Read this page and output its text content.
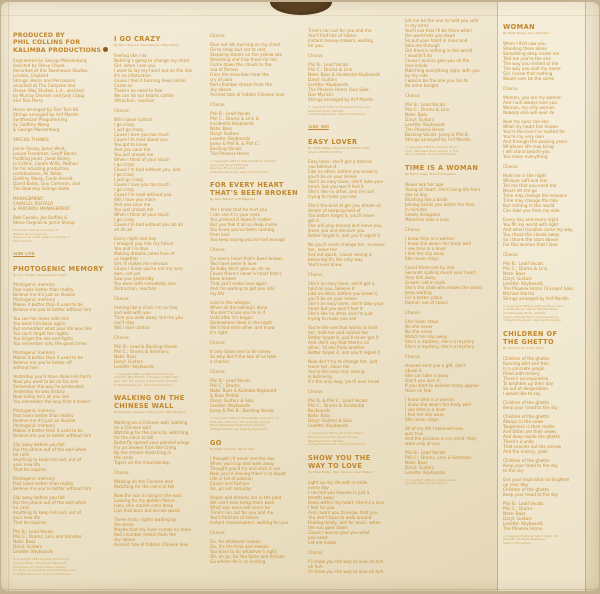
PRODUCED BY
PHIL COLLINS FOR
KALIMBA PRODUCTIONS
Engineered by George Massenburg
Assisted by Steve Chase
Recorded at the Townhouse Studios,
London, England
Strings, Horns and Percussion
recorded at The Complex and
Ocean Way Studios, L.A., assisted
by Murray Dvorkin and Judy Clapp
and Tom Perry
Horns arranged by Tom Tom 84
Strings arranged by Arif Mardin
Synthesizer Programming
by Godfrey Wang
& George Massenburg
SPECIAL THANKS
Jamie Shoop, Jonas West,
Louise Freedman, Geoff Banks,
Pudding Jones, Janet Bailey,
Jo Collins, Carole Willis, Nathan
for his amazing production
contributions, Ali Tellier,
Godfrey Wang, Carlin Arnold,
David Bates, Guy Cameron, and
The Boarsley Grange Hotel
MANAGEMENT:
CAVALLO, RUFFALO
& FARGNOLI MANAGEMENT
Bob Cavallo, Joe Ruffalo &
Steve Fargnoli & Jamie Shoop
Phil Collins appears courtesy of
Atlantic Recording Corp.
Raymond de Costa appears courtesy of
Parlo Records
Side One
PHOTOGENIC MEMORY
By Don Wright, Dave Sapiston Clark
Photogenic memory
Past looks better than reality
Believe me it's just an illusion
Photogenic memory
Makes it better than it used to be
Believe me you're better without him
You see her leave with him
You want him back again
But remember what your life was like
You can't forget the nights
You forget the lies and fights
You remember only the good times
Photogenic memory
Makes it better than it used to be
Believe me you're better off
without him
Yesterday you'd have done him harm
Now you want to be on his arm
Remember the way he pretended
Yesterday he was history
Now today he's all you see
You remember the way that it ended
Photogenic memory
Past looks better than reality
Believe me it's just an illusion
Photogenic memory
Makes it better than it used to be
Believe me you're better without him
Slip away before you fall
Rip the phone out of the wall when
he calls
Anything to keep him out, out of
your new life
That he inspires
Photogenic memory
Past looks better than reality
Believe me you're better without him
Slip away before you fall
Rip the phone out of the wall when
he calls
Anything to keep him out, out of
your new life
That he inspires
Phil B.: Lead Vocals
Phil C.: Drums, Linn and Vocoder
Nate: Bass
Daryl: Guitars
Lesette: Keyboards
© Copyright 1984 by Kmel Music Corp.,
Crimsco Music, The Great Theatre Of
Oklahoma, and Lina's Music (ASCAP).
All rights administered by Kmel Music Corp.
All Rights Reserved. Used by Permission.
I GO CRAZY
By Marc Sharron, Glen Ballard, Philip Bailey
Feeling like I do
Nothing's going to change my mind
Girl, when I see you
I want to lay my heart out on the line
It's no infatuation
Cause I feel it burning deep inside
Come on
There's no need to fear
We can let our hearts collide
Attraction, reaction
Chorus
Will I loose control
I go crazy
I just go crazy
Cause I love you too much
Cause I'm mad about you
You got to know
And you save me
You just amaze me
When I think of your touch
I go crazy
Cause I'm bad without you, ooh
I go crazy
I just go crazy
Cause I love you too much
I go crazy
Cause I'm mad without you
Will I love you more
And you save me
You just amaze me
When I think of your touch
I go crazy
Cause I'm bad without you ah ah
ah ah ah
Every night and day
I imagine you into my future
You and I in love
Making dreams come true of
us together
Girl, it makes me nervous
Cause I know you're not my very
own, not yet
Saw you yesterday
You were with somebody else
Distraction, reaction
Chorus
Feeling like a child, I'm so free
and wild with you
Then you walk away, tell me you
can't stay
Will I lose control
Chorus
Phil B.: Lead & Backing Vocals
Phil C.: Drums & Simmons
Nate: Bass
Daryl: Guitars
Lesette: Keyboards
© Copyright 1984 by Warlock Music Corp.
(ASCAP), MCA MUSIC, A Division of MCA INC.,
New York, NY, and Sir & Trini Music (ASCAP).
All Rights Reserved. Used by Permission.
WALKING ON THE
CHINESE WALL
By Roxanne Seeman, Marcy Levy, Billie Hughes
Walking on a Chinese wall, walking
on a Chinese wall
Watching for the coins to, watching
for the coins to fall
Butterfly spread your painted wings
For an answer from the Ching
By the stream stretching in
the rocks
Tigers on the mountaintop
Chorus
Walking on the Chinese wall
Watching for the coins to fall
Now the sun is rising in the east
Looking for my golden fleece
Ivory skin scarlet color deep
Lips that burn but do not speak
Three misty nights waiting by
the shore
Maybe that my lover comes no more
Red chamber dream from the
sky above
Ancient tale of hidden Chinese love
Chorus
Blue red silk burning on my chest
Go to sleep but not to rest
Stepping stones on the yellow sea
Dreaming she'll be there for me
Come down the clouds to the
sea of flames
From the mountain hear the
cry of pain
Red chamber dream from the
sky above
Ancient tale of hidden Chinese love
Chorus
Phil B.: Lead Vocals
Phil C.: Drums & Linn &
Incidental Keyboards
Nate: Bass
Daryl: Guitars
Lesette: Keyboards
Josey & Phil B. & Phil C.:
Backing Vocals
The Phoenix Horns
© Copyright 1984 by Noa Noa Music (ASCAP),
Glass Sea Music (BMI) and
Bleu Sea Music (ASCAP).
All Rights Reserved. Used by Permission.
FOR EVERY HEART
THAT'S BEEN BROKEN
By Glen Ballard, Cliff Magness
Yes I know that he hurt you
I can see it in your eyes
You pretend it doesn't matter
But you feel it all so deep inside
You know you've been running
from love
You keep saying you've had enough
Chorus
For every heart that's been broken
Two have been in love
So baby don't give up, oh no
Cause there's never a heart that's
been broken
That can't make love again
And I'm waiting to get you into
my life
Love is the whisper
When all the talking's done
You don't know you're in it
Until after it's begun
Somewhere deep in the night
We'll find each other and know
it's right
Chorus
It only takes one to be lonely
So why don't the two of us take
a chance
Chorus
Phil B.: Lead Vocals
Phil C.: Drums
Nate: Bass & Kalimba Keyboard
& Bass Pedals
Daryl: Guitars & Solo
Lesette: Keyboards
Josey & Phil B.: Backing Vocals
© Copyright 1984 by MCA MUSIC, A Division of
MCA INC., New York, NY and Quincy Jones
Music/Yellowbrick Road Music (ASCAP).
All Rights Reserved. Used by Permission.
GO
By Ralph Johnson, Wycal Carr
I thought I'd never see the day
When you'd up and walk away
Thought you'd try and stick it out
Now you're leaving there's no doubt
Life is full of passion
Caviar and fashion
Go, go out and play
Hopes and dreams are in the past
We can't ever bring them back
What was once will never be
Time's run out for you and me
You'll find lots of takers
Instant moviemakers, waiting for you
Chorus
Go, for whatever reason
Go, it's the time and season
You have to do whatever's right
Oh, oh go, for the fame and fortune
Go where life is so inviting
Time's run out for you and me
You'll find lots of takers
Instant money-makers, waiting
for you
Chorus
Phil B.: Lead Vocals
Phil C.: Drums & Linn
Nate: Bass & Incidental Keyboards
Daryl: Guitars
Lesette: Keyboards
The Phoenix Horns (Sax Solo:
Don Myrick)
Strings arranged by Arif Mardin
© Copyright 1984 by Foreworks Music and
New East Music (ASCAP).
All Rights Reserved. Used by Permission.
Side Two
EASY LOVER
By Philip Bailey, Phil Collins, Nathan East
(Duet with Phil Collins)
Easy lover, she'll get a hold on
you believe it
Like no other, before you know it,
you'll be on your knees
She's an easy lover, she'll take your
heart, but you won't feel it
She's like no other, and I'm just
trying to make you see
She's the kind of girl you dream of,
dream of keeping hold of
You better forget it, you'll never
get it
She will play around and leave you,
leave you and deceive you
Better forget it, ooh you'll regret it
No you'll never change her, so leave
her, leave her
Get out quick, 'cause seeing is
believing it's the only way
You'll ever know
Chorus
She's an easy lover, she'll get a
hold on you, believe it
Like no other, before you know it,
you'll be on your knees
She's an easy lover, she'll take your
heart but you won't feel it
She's like no other and I'm just
trying to make you see
You're the one that wants to hold
her, hold her and control her
Better forget it, you'll never get it
And she'll say that there's no
other, 'til she finds another
Better forget it, ooh you'll regret it
Now don't try to change her, just
leave her, leave her
You're the only one, seeing
is believing
It's the only way, you'll ever know
Chorus
Phil B. & Phil C.: Lead Vocals
Phil C.: Drums & Incidental
Keyboards
Nate: Bass
Daryl: Guitars & Solo
Lesette: Keyboards
© Copyright 1984 by Sir & Trini Music,
Phil Collins Ltd./Pun Music Inc. and
New East Music (ASCAP).
All Rights Reserved. Used by Permission.
SHOW YOU THE
WAY TO LOVE
By Philip Bailey, Marc Sharron, Glen Ballard
Light up my life with a smile
every day
I can tell you heaven is just a
breath away
Deep within my heart, there's a love
I feel for you
And I want you to know, that you
You don't have to walk around
Feeling lonely, lost for lovin', when
the sun goes down
Cause I wanna give you what
you need
Let me inside
Chorus
I'll show you the way to love uh huh
uh huh
I'll show you the way to love uh huh
Let me be the one to hold you safe
in my arms
You'll see that I'll be there when
the world lets you down
So put your hand in mine and
take me through
Girl there's nothing in this world
I wouldn't do
Cause I wanna give you all the
love inside
Matching everything right, with you
by my side
I wanna be the one you run to
Be mine tonight
Chorus
Phil B.: Lead Vocals
Phil C.: Drums & Linn
Nate: Bass
Daryl: Guitars
Lesette: Keyboards
The Phoenix Horns
Backing Vocals: Josey & Phil B.
Strings arranged by Arif Mardin
© Copyright 1984 by Warlock Music
Corp., New East Music and Sir & Trini
Music (ASCAP). Used by Permission.
TIME IS A WOMAN
By Martin Page, Brian Fairweather
Never ask her age
Young at heart, she's living life from
day to day
Blushing like a bride
Joining hands you watch her face
in minutes
Slowly disappear
Moments take a year
Chorus
I know time is a woman
I know she wears her body well
I see time is a lover
I feel her slip away
She never stays
Count them one by one
Seconds spilling round your heart,
they tick away
Growin' old in style
She's the child who makes the world
keep waiting
For a better place
Runnin' out of space
Chorus
She never stays
No she never
No she never
Watch her slip away
She's a mystery, she's a mystery
She's a mystery, she's a mystery
Chorus
Heaven sent you a gift, don't
abuse it
She can take it away
Don't you lose it
If you start to believe many appear
Have no fear
I know time is a woman
I know she wears her body well
I see time is a lover
I feel her slip away
She never stays
All of my life I believed love
was true
And the pictures in my mind, they
were only of you
Phil B.: Lead Vocals
Phil C.: Drums, Linn & Simmons
Nate: Bass
Daryl: Guitars
Lesette: Keyboards
© Copyright 1984 by Zomba Music
(ASCAP). Used by Permission.
WOMAN
By Philip Bailey, Gary Skardina
When I first saw you
Standing there alone
Something deep inside me
Told me you're the one
The way you smiled at me
The way you said my name
Girl I knew that nothing
Would ever be the same
Chorus
Woman, you are my woman
And I will always love you
Woman, my only woman
Nobody else will ever do
Now my eyes can see
What my heart has known
You're the love I've waited for
You're my very own
And through the passing years
Whatever life may bring
I will stand beside you
You mean everything
Chorus
Hold me in the night
Whisper soft and low
Tell me that you need me
Never let me go
Time may change the seasons
Time may change the tide
But nothing in this world
Can take you from my side
Every day and every night
You fill my world with light
And when troubles come my way
You chase the clouds away
So I thank the stars above
For this woman that I love
Chorus
Phil B.: Lead Vocals
Phil C.: Drums & Linn
Nate: Bass
Daryl: Guitars
Lesette: Keyboards
The Phoenix Horns (Trumpet Solo:
Michael Harris)
Strings arranged by Arif Mardin
© Copyright 1984 by Warlock Music Corp.,
Andrake Music, Sapran Michael Music,
and Michaelas Music (ASCAP).
Sapran Michael Music administered by
All Rights Reserved. Used by Permission.
CHILDREN OF
THE GHETTO
By Chris Amoo, Eddy Amoo
Children of the ghetto
Running wild and free
In a concrete jungle
Filled with misery
There's no inspiration
To brighten up their day
So out of desperation
I would like to say
Children of the ghetto
Keep your head to the sky
Children of the ghetto
Always in the news
Toughness is their motto
And bitter are their views
And deep inside the ghetto
There's a unity
That cancels out the sorrow
And the misery, yeah
Children of the ghetto
Keep your head to the sky
to the sky
Got your inspiration to brighten
up your day
Children of the ghetto
Keep your head to the sky
Phil B.: Lead Vocals
Phil C.: Drums
Nate: Bass
Daryl: Guitars
Lesette: Keyboards
The Phoenix Horns
© Copyright 1984 by Island Music Ltd.
(ASCAP). All Rights Reserved.
Used by Permission.
